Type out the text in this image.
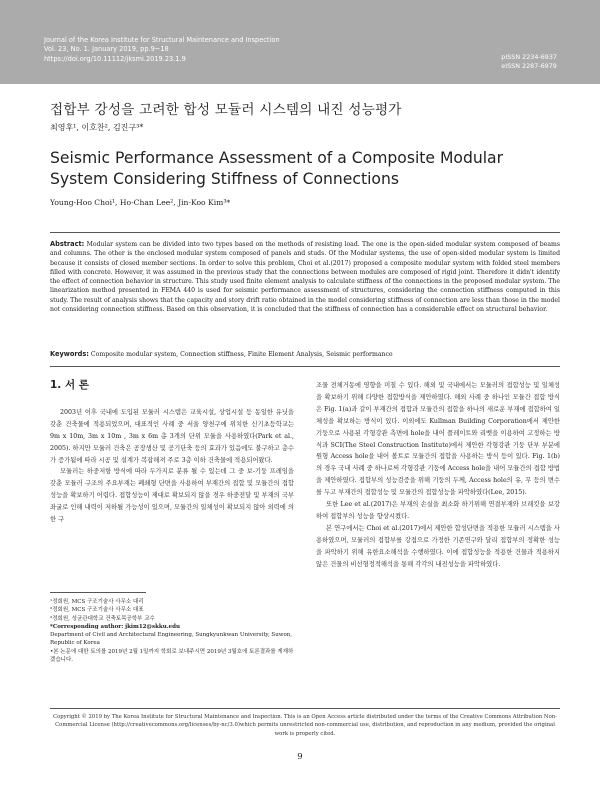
Journal of the Korea Institute for Structural Maintenance and Inspection
Vol. 23, No. 1. January 2019, pp.9~18
https://doi.org/10.11112/jksmi.2019.23.1.9	pISSN 2234-6937
eISSN 2287-6979
접합부 강성을 고려한 합성 모듈러 시스템의 내진 성능평가
최영후¹, 이호찬², 김진구³*
Seismic Performance Assessment of a Composite Modular System Considering Stiffness of Connections
Young-Hoo Choi¹, Ho-Chan Lee², Jin-Koo Kim³*
Abstract: Modular system can be divided into two types based on the methods of resisting load. The one is the open-sided modular system composed of beams and columns. The other is the enclosed modular system composed of panels and studs. Of the Modular systems, the use of open-sided modular system is limited because it consists of closed member sections. In order to solve this problem, Choi et al.(2017) proposed a composite modular system with folded steel members filled with concrete. However, it was assumed in the previous study that the connections between modules are composed of rigid joint. Therefore it didn't identify the effect of connection behavior in structure. This study used finite element analysis to calculate stiffness of the connections in the proposed modular system. The linearization method presented in FEMA 440 is used for seismic performance assessment of structures, considering the connection stiffness computed in this study. The result of analysis shows that the capacity and story drift ratio obtained in the model considering stiffness of connection are less than those in the model not considering connection stiffness. Based on this observation, it is concluded that the stiffness of connection has a considerable effect on structural behavior.
Keywords: Composite modular system, Connection stiffness, Finite Element Analysis, Seismic performance
1. 서 론

2003년 이후 국내에 도입된 모듈러 시스템은 교육시설, 상업시설 등 동일한 유닛을 갖춘 건축물에 적용되었으며, 대표적인 사례 중 서울 양천구에 위치한 신기초등학교는 9m x 10m, 3m x 10m , 3m x 6m 총 3개의 단위 모듈을 사용하였다(Park et al., 2005). 하지만 모듈러 건축은 공장생산 및 공기단축 등의 효과가 있음에도 불구하고 층수가 증가됨에 따라 시공 및 설계가 복잡해져 주로 3층 이하 건축물에 적용되어왔다.

모듈러는 하중저항 방식에 따라 두가지로 분류 될 수 있는데 그 중 보-기둥 프레임을 갖춘 모듈러 구조의 주요부재는 폐쇄형 단면을 사용하여 부재간의 접합 및 모듈간의 접합성능을 확보하기 어렵다. 접합성능이 제대로 확보되지 않을 경우 하중전달 및 부재의 국부좌굴로 인해 내력이 저하될 가능성이 있으며, 모듈간의 일체성이 확보되지 않아 외력에 의한 구

조물 전체거동에 영향을 미칠 수 있다. 해외 및 국내에서는 모듈러의 접합성능 및 일체성을 확보하기 위해 다양한 접합방식을 제안하였다. 해외 사례 중 하나인 모듈간 접합 방식은 Fig. 1(a)과 같이 부재간의 접합과 모듈간의 접합을 하나의 새로운 부재에 접합하여 일체성을 확보하는 방식이 있다. 이외에도 Kullman Building Corporation에서 제안한 기둥으로 사용된 각형강관 측면에 hole을 내어 플레이트와 리벳을 이용하여 고정하는 방식과 SCI(The Steel Construction Institute)에서 제안한 각형강관 기둥 단부 부분에 원형 Access hole을 내어 볼트로 모듈간의 접합을 사용하는 방식 등이 있다. Fig. 1(b)의 경우 국내 사례 중 하나로써 각형강관 기둥에 Access hole을 내어 모듈간의 접합 방법을 제안하였다. 접합부의 성능검증을 위해 기둥의 두께, Access hole의 유, 무 등의 변수를 두고 부재간의 접합성능 및 모듈간의 접합성능을 파악하였다(Lee, 2015).

또한 Lee et al.(2017)은 부재의 손실을 최소화 하기위해 연결부재와 브래킷을 보강하여 접합부의 성능을 향상시켰다.

본 연구에서는 Choi et al.(2017)에서 제안한 합성단면을 적용한 모듈러 시스템을 사용하였으며, 모듈러의 접합부를 강접으로 가정한 기존연구와 달리 접합부의 정확한 성능을 파악하기 위해 유한요소해석을 수행하였다. 이에 접합성능을 적용한 건물과 적용하지 않은 건물의 비선형정적해석을 통해 각각의 내진성능을 파악하였다.

¹정회원, MCS 구조기술사 사무소 대리
²정회원, MCS 구조기술사 사무소 대표
³정회원, 성균관대학교 건축토목공학부 교수
*Corresponding author: jkim12@skku.edu
Department of Civil and Architectural Engineering, Sungkyunkwan University, Suwon, Republic of Korea
•본 논문에 대한 토의를 2019년 2월 1일까지 학회로 보내주시면 2019년 3월호에 토론결과를 게재하겠습니다.
Copyright © 2019 by The Korea Institute for Structural Maintenance and Inspection. This is an Open Access article distributed under the terms of the Creative Commons Attribution Non-Commercial License (http://creativecommons.org/licenses/by-nc/3.0)which permits unrestricted non-commercial use, distribution, and reproduction in any medium, provided the original work is properly cited.
9
